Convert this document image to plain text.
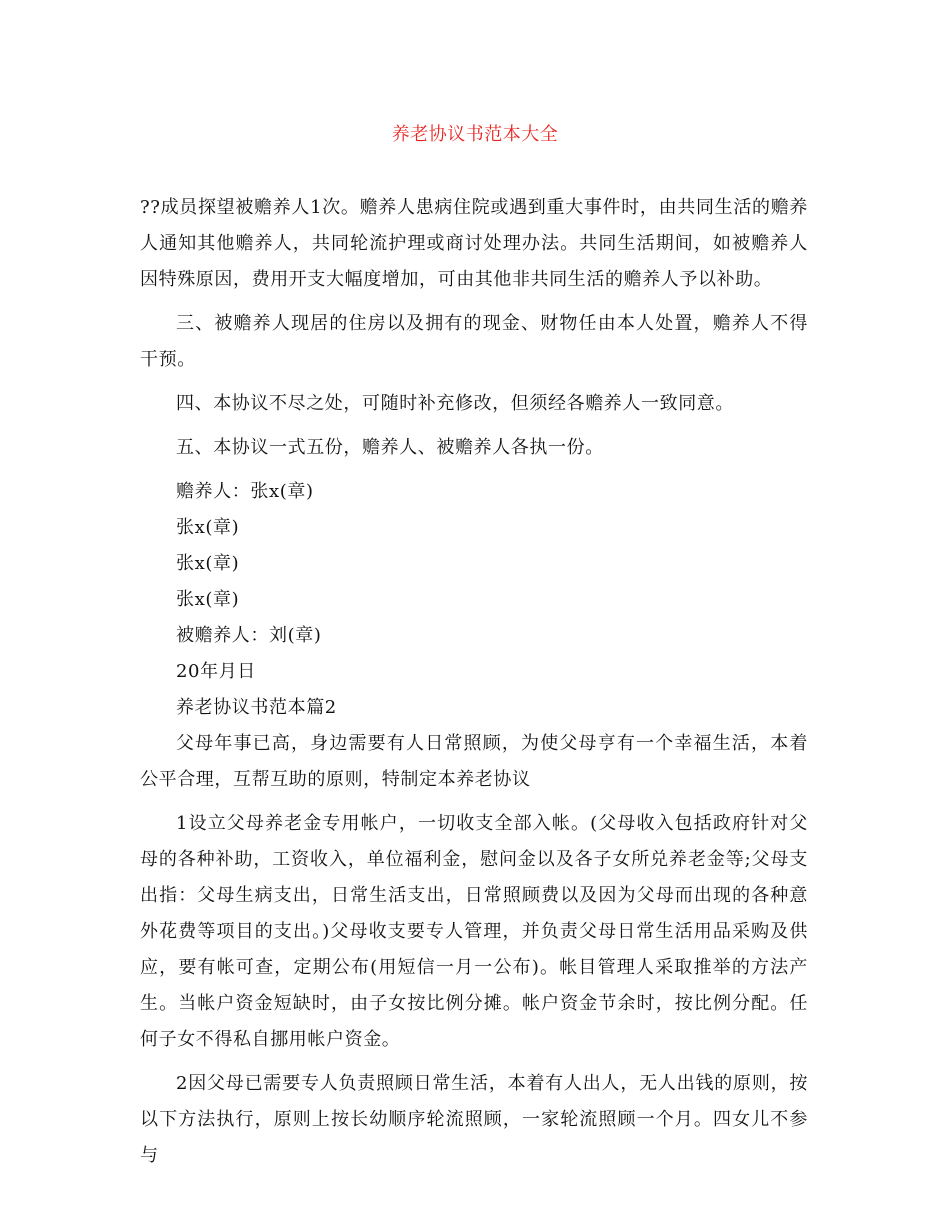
养老协议书范本大全

??成员探望被赡养人1次。赡养人患病住院或遇到重大事件时，由共同生活的赡养人通知其他赡养人，共同轮流护理或商讨处理办法。共同生活期间，如被赡养人因特殊原因，费用开支大幅度增加，可由其他非共同生活的赡养人予以补助。

三、被赡养人现居的住房以及拥有的现金、财物任由本人处置，赡养人不得干预。

四、本协议不尽之处，可随时补充修改，但须经各赡养人一致同意。

五、本协议一式五份，赡养人、被赡养人各执一份。

赡养人：张x(章)

张x(章)

张x(章)

张x(章)

被赡养人：刘(章)

20年月日

养老协议书范本篇2

父母年事已高，身边需要有人日常照顾，为使父母亨有一个幸福生活，本着公平合理，互帮互助的原则，特制定本养老协议

1设立父母养老金专用帐户，一切收支全部入帐。(父母收入包括政府针对父母的各种补助，工资收入，单位福利金，慰问金以及各子女所兑养老金等;父母支出指：父母生病支出，日常生活支出，日常照顾费以及因为父母而出现的各种意外花费等项目的支出。)父母收支要专人管理，并负责父母日常生活用品采购及供应，要有帐可查，定期公布(用短信一月一公布)。帐目管理人采取推举的方法产生。当帐户资金短缺时，由子女按比例分摊。帐户资金节余时，按比例分配。任何子女不得私自挪用帐户资金。

2因父母已需要专人负责照顾日常生活，本着有人出人，无人出钱的原则，按以下方法执行，原则上按长幼顺序轮流照顾，一家轮流照顾一个月。四女儿不参与
